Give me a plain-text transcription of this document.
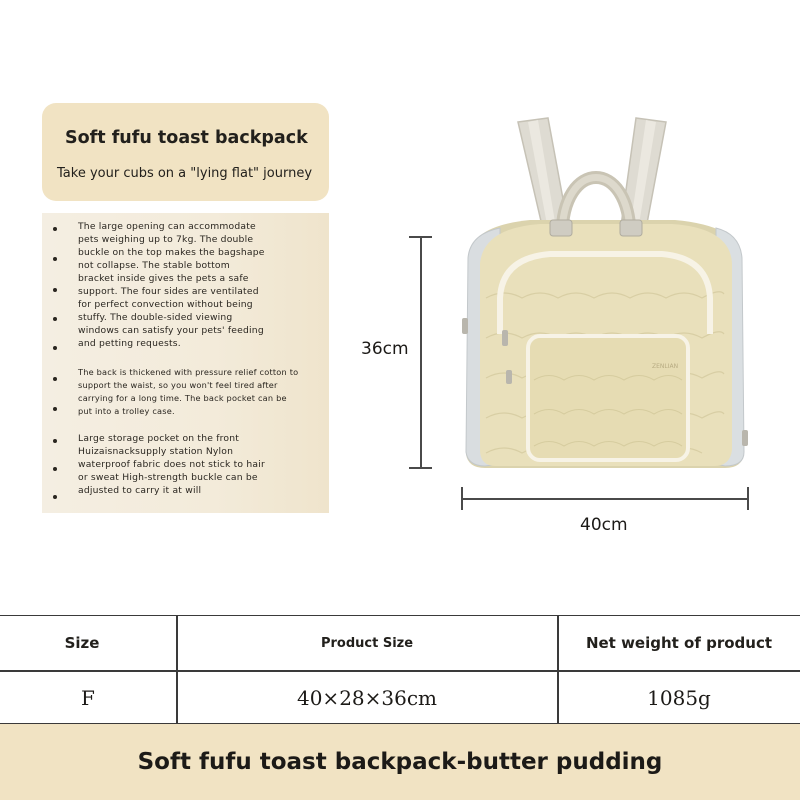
Soft fufu toast backpack
Take your cubs on a "lying flat" journey
The large opening can accommodate
pets weighing up to 7kg. The double
buckle on the top makes the bagshape
not collapse. The stable bottom
bracket inside gives the pets a safe
support. The four sides are ventilated
for perfect convection without being
stuffy. The double-sided viewing
windows can satisfy your pets' feeding
and petting requests.
The back is thickened with pressure relief cotton to
support the waist, so you won't feel tired after
carrying for a long time. The back pocket can be
put into a trolley case.
Large storage pocket on the front
Huizaisnacksupply station Nylon
waterproof fabric does not stick to hair
or sweat High-strength buckle can be
adjusted to carry it at will
36cm
40cm
ZENLIAN
Size	Product Size	Net weight of product
F	40×28×36cm	1085g
Soft fufu toast backpack-butter pudding
